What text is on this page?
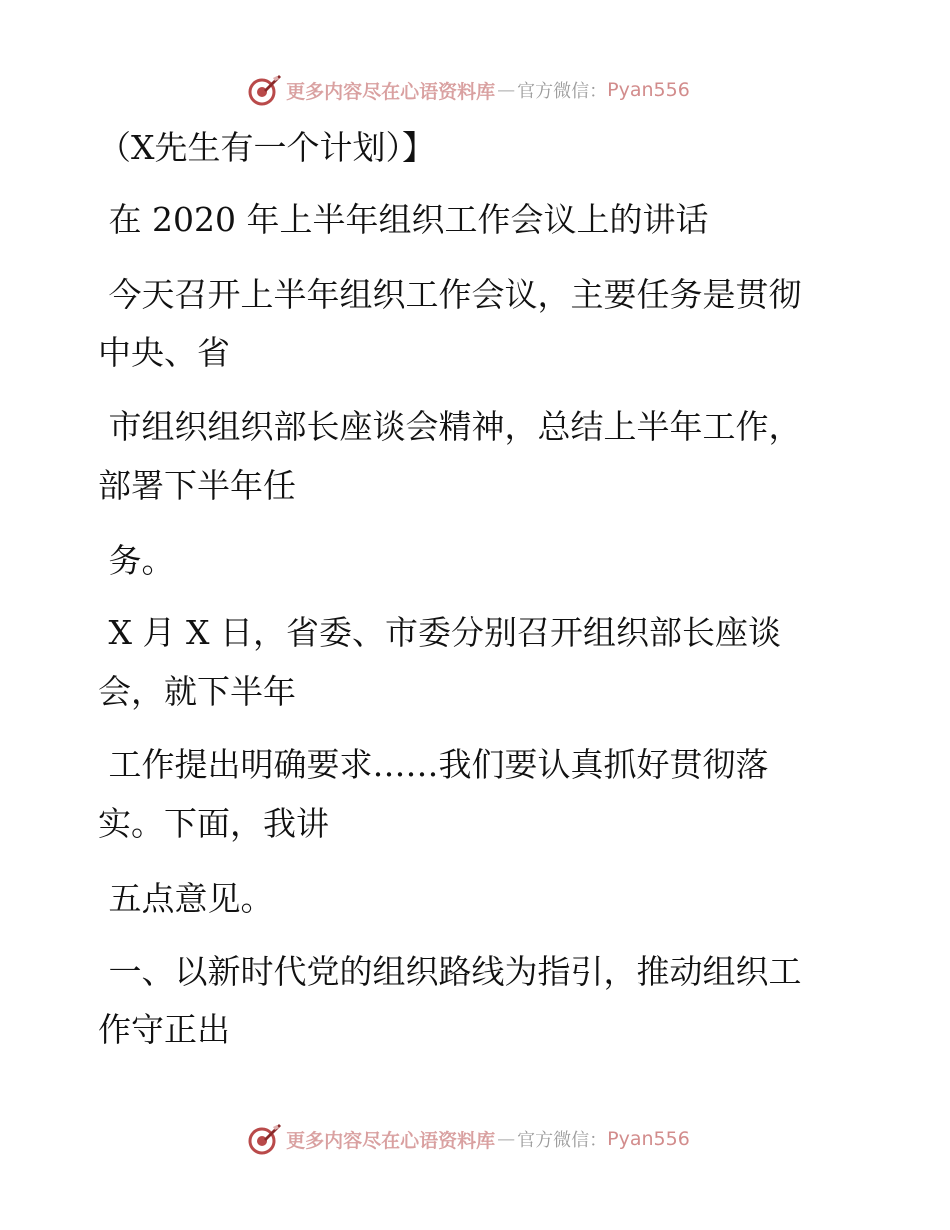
更多内容尽在心语资料库 — 官方微信： Pyan556

（X先生有一个计划）】

在 2020 年上半年组织工作会议上的讲话

今天召开上半年组织工作会议，主要任务是贯彻

中央、省

市组织组织部长座谈会精神，总结上半年工作，

部署下半年任

务。

X 月 X 日，省委、市委分别召开组织部长座谈

会，就下半年

工作提出明确要求……我们要认真抓好贯彻落

实。下面，我讲

五点意见。

一、以新时代党的组织路线为指引，推动组织工

作守正出

更多内容尽在心语资料库 — 官方微信： Pyan556
